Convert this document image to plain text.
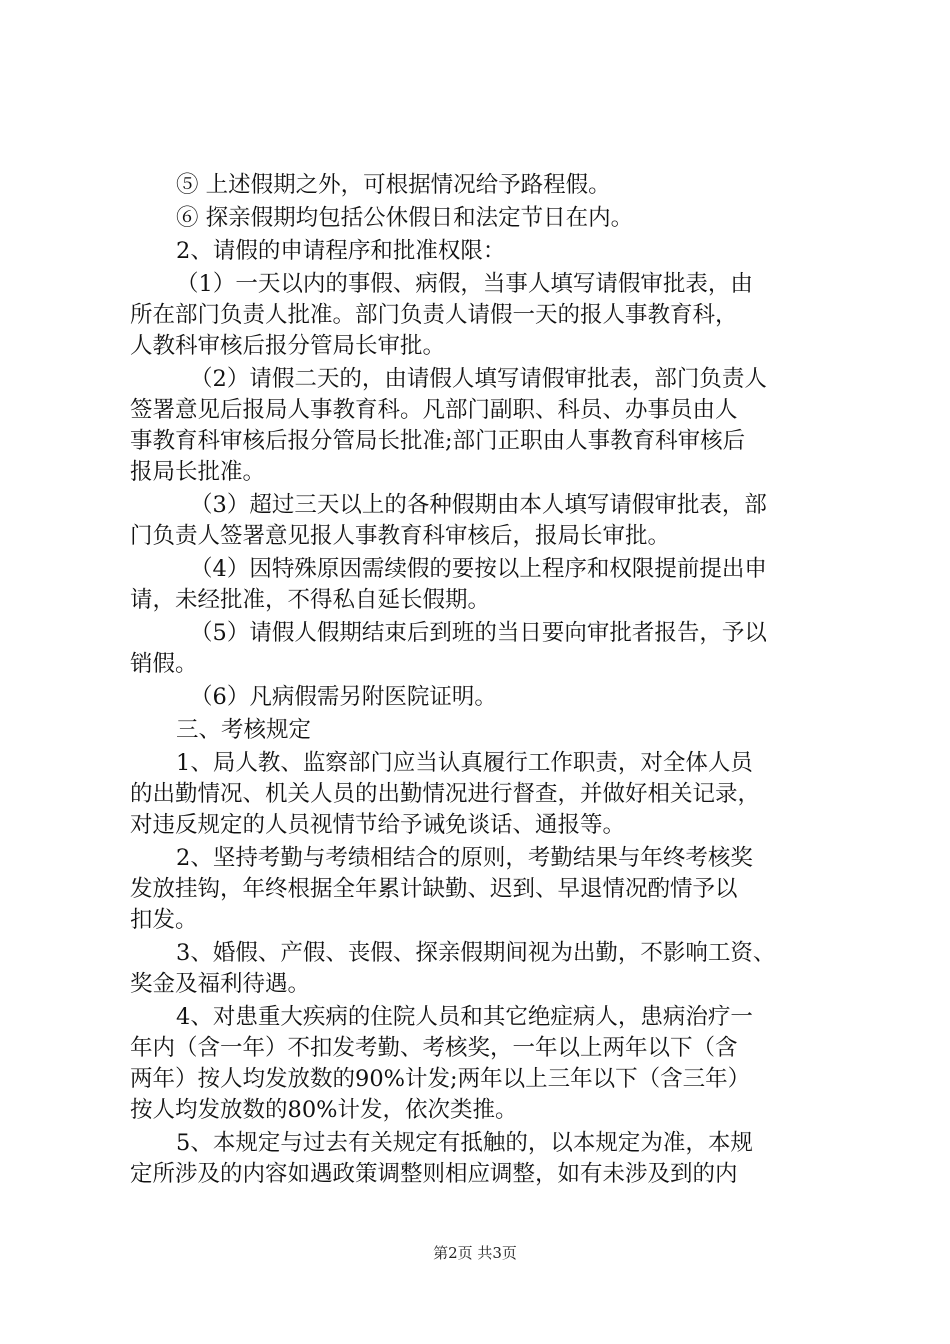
⑤ 上述假期之外，可根据情况给予路程假。
⑥ 探亲假期均包括公休假日和法定节日在内。
2、请假的申请程序和批准权限：
（1）一天以内的事假、病假，当事人填写请假审批表，由
所在部门负责人批准。部门负责人请假一天的报人事教育科，
人教科审核后报分管局长审批。
（2）请假二天的，由请假人填写请假审批表，部门负责人
签署意见后报局人事教育科。凡部门副职、科员、办事员由人
事教育科审核后报分管局长批准;部门正职由人事教育科审核后
报局长批准。
（3）超过三天以上的各种假期由本人填写请假审批表，部
门负责人签署意见报人事教育科审核后，报局长审批。
（4）因特殊原因需续假的要按以上程序和权限提前提出申
请，未经批准，不得私自延长假期。
（5）请假人假期结束后到班的当日要向审批者报告，予以
销假。
（6）凡病假需另附医院证明。
三、考核规定
1、局人教、监察部门应当认真履行工作职责，对全体人员
的出勤情况、机关人员的出勤情况进行督查，并做好相关记录，
对违反规定的人员视情节给予诫免谈话、通报等。
2、坚持考勤与考绩相结合的原则，考勤结果与年终考核奖
发放挂钩，年终根据全年累计缺勤、迟到、早退情况酌情予以
扣发。
3、婚假、产假、丧假、探亲假期间视为出勤，不影响工资、
奖金及福利待遇。
4、对患重大疾病的住院人员和其它绝症病人，患病治疗一
年内（含一年）不扣发考勤、考核奖，一年以上两年以下（含
两年）按人均发放数的90%计发;两年以上三年以下（含三年）
按人均发放数的80%计发，依次类推。
5、本规定与过去有关规定有抵触的，以本规定为准，本规
定所涉及的内容如遇政策调整则相应调整，如有未涉及到的内
第2页 共3页
